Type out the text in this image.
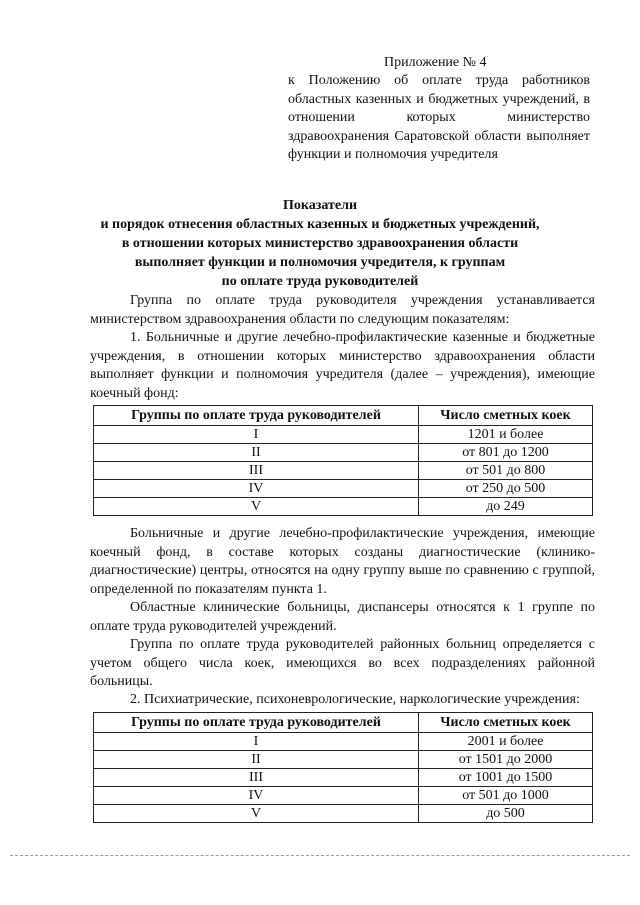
Приложение № 4

к Положению об оплате труда работников областных казенных и бюджетных учреждений, в отношении которых министерство здравоохранения Саратовской области выполняет функции и полномочия учредителя

Показатели
и порядок отнесения областных казенных и бюджетных учреждений,
в отношении которых министерство здравоохранения области
выполняет функции и полномочия учредителя, к группам
по оплате труда руководителей

Группа по оплате труда руководителя учреждения устанавливается министерством здравоохранения области по следующим показателям:

1. Больничные и другие лечебно-профилактические казенные и бюджетные учреждения, в отношении которых министерство здравоохранения области выполняет функции и полномочия учредителя (далее – учреждения), имеющие коечный фонд:

Группы по оплате труда руководителей	Число сметных коек
I	1201 и более
II	от 801 до 1200
III	от 501 до 800
IV	от 250 до 500
V	до 249

Больничные и другие лечебно-профилактические учреждения, имеющие коечный фонд, в составе которых созданы диагностические (клинико-диагностические) центры, относятся на одну группу выше по сравнению с группой, определенной по показателям пункта 1.

Областные клинические больницы, диспансеры относятся к 1 группе по оплате труда руководителей учреждений.

Группа по оплате труда руководителей районных больниц определяется с учетом общего числа коек, имеющихся во всех подразделениях районной больницы.

2. Психиатрические, психоневрологические, наркологические учреждения:

Группы по оплате труда руководителей	Число сметных коек
I	2001 и более
II	от 1501 до 2000
III	от 1001 до 1500
IV	от 501 до 1000
V	до 500
